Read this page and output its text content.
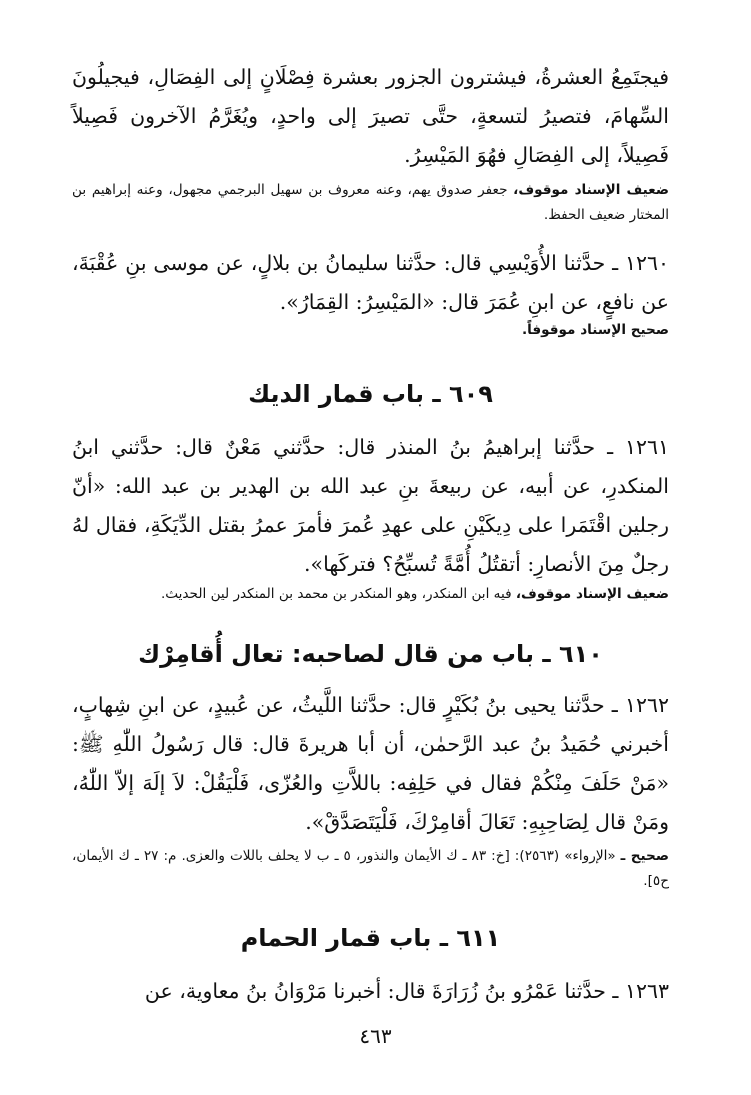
فيجتَمِعُ العشرةُ، فيشترون الجزور بعشرة فِصْلَانٍ إلى الفِصَالِ، فيجيلُونَ السِّهامَ، فتصيرُ لتسعةٍ، حتَّى تصيرَ إلى واحدٍ، ويُغَرَّمُ الآخرون فَصِيلاً فَصِيلاً، إلى الفِصَالِ فهُوَ المَيْسِرُ.

ضعيف الإسناد موقوف، جعفر صدوق يهم، وعنه معروف بن سهيل البرجمي مجهول، وعنه إبراهيم بن المختار ضعيف الحفظ.

١٢٦٠ ـ حدَّثنا الأُوَيْسِي قال: حدَّثنا سليمانُ بن بلالٍ، عن موسى بنِ عُقْبَةَ، عن نافعٍ، عن ابنِ عُمَرَ قال: «المَيْسِرُ: القِمَارُ».

صحيح الإسناد موقوفاً.

٦٠٩ ـ باب قمار الديك

١٢٦١ ـ حدَّثنا إبراهيمُ بنُ المنذر قال: حدَّثني مَعْنٌ قال: حدَّثني ابنُ المنكدرِ، عن أبيه، عن ربيعةَ بنِ عبد الله بن الهدير بن عبد الله: «أنّ رجلين اقْتَمَرا على دِيكَيْنِ على عهدِ عُمرَ فأمرَ عمرُ بقتل الدِّيَكَةِ، فقال لهُ رجلٌ مِنَ الأنصارِ: أتقتُلُ أُمَّةً تُسبِّحُ؟ فتركَها».

ضعيف الإسناد موقوف، فيه ابن المنكدر، وهو المنكدر بن محمد بن المنكدر لين الحديث.

٦١٠ ـ باب من قال لصاحبه: تعال أُقامِرْك

١٢٦٢ ـ حدَّثنا يحيى بنُ بُكَيْرٍ قال: حدَّثنا اللَّيثُ، عن عُبيدٍ، عن ابنِ شِهابٍ، أخبرني حُمَيدُ بنُ عبد الرَّحمٰن، أن أبا هريرةَ قال: قال رَسُولُ اللّٰهِ ﷺ: «مَنْ حَلَفَ مِنْكُمْ فقال في حَلِفِه: باللاَّتِ والعُزّى، فَلْيَقُلْ: لاَ إلَهَ إلاّ اللّٰهُ، ومَنْ قال لِصَاحِبِهِ: تَعَالَ أقامِرْكَ، فَلْيَتَصَدَّقْ».

صحيح ـ «الإرواء» (٢٥٦٣): [خ: ٨٣ ـ ك الأيمان والنذور، ٥ ـ ب لا يحلف باللات والعزى. م: ٢٧ ـ ك الأيمان، ح٥].

٦١١ ـ باب قمار الحمام

١٢٦٣ ـ حدَّثنا عَمْرُو بنُ زُرَارَةَ قال: أخبرنا مَرْوَانُ بنُ معاوية، عن

٤٦٣
